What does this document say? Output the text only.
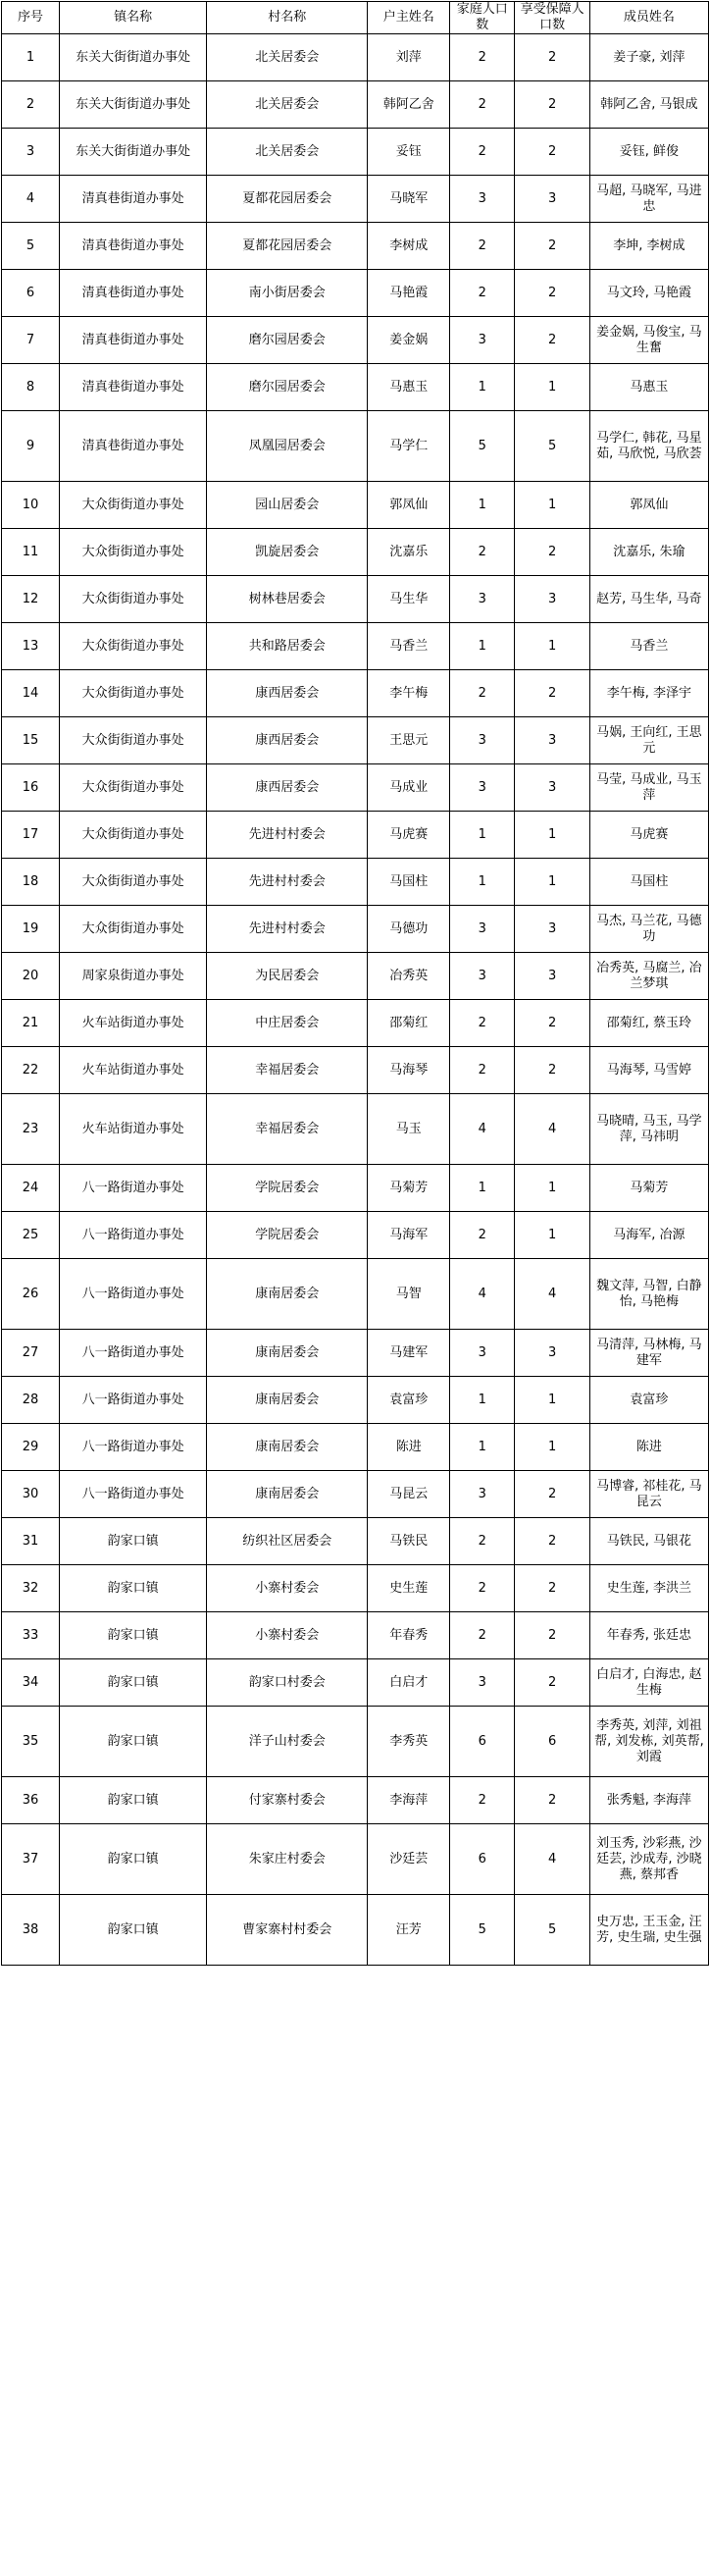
序号	镇名称	村名称	户主姓名	家庭人口数	享受保障人口数	成员姓名
1	东关大街街道办事处	北关居委会	刘萍	2	2	姜子豪, 刘萍
2	东关大街街道办事处	北关居委会	韩阿乙舍	2	2	韩阿乙舍, 马银成
3	东关大街街道办事处	北关居委会	妥钰	2	2	妥钰, 鲜俊
4	清真巷街道办事处	夏都花园居委会	马晓军	3	3	马超, 马晓军, 马进忠
5	清真巷街道办事处	夏都花园居委会	李树成	2	2	李坤, 李树成
6	清真巷街道办事处	南小街居委会	马艳霞	2	2	马文玲, 马艳霞
7	清真巷街道办事处	磨尔园居委会	姜金娲	3	2	姜金娲, 马俊宝, 马生奮
8	清真巷街道办事处	磨尔园居委会	马惠玉	1	1	马惠玉
9	清真巷街道办事处	凤凰园居委会	马学仁	5	5	马学仁, 韩花, 马星茹, 马欣悦, 马欣荟
10	大众街街道办事处	园山居委会	郭凤仙	1	1	郭凤仙
11	大众街街道办事处	凯旋居委会	沈嘉乐	2	2	沈嘉乐, 朱瑜
12	大众街街道办事处	树林巷居委会	马生华	3	3	赵芳, 马生华, 马奇
13	大众街街道办事处	共和路居委会	马香兰	1	1	马香兰
14	大众街街道办事处	康西居委会	李午梅	2	2	李午梅, 李泽宇
15	大众街街道办事处	康西居委会	王思元	3	3	马娲, 王向红, 王思元
16	大众街街道办事处	康西居委会	马成业	3	3	马莹, 马成业, 马玉萍
17	大众街街道办事处	先进村村委会	马虎赛	1	1	马虎赛
18	大众街街道办事处	先进村村委会	马国柱	1	1	马国柱
19	大众街街道办事处	先进村村委会	马德功	3	3	马杰, 马兰花, 马德功
20	周家泉街道办事处	为民居委会	冶秀英	3	3	冶秀英, 马腐兰, 冶兰梦琪
21	火车站街道办事处	中庄居委会	邵菊红	2	2	邵菊红, 蔡玉玲
22	火车站街道办事处	幸福居委会	马海琴	2	2	马海琴, 马雪婷
23	火车站街道办事处	幸福居委会	马玉	4	4	马晓晴, 马玉, 马学萍, 马祎明
24	八一路街道办事处	学院居委会	马菊芳	1	1	马菊芳
25	八一路街道办事处	学院居委会	马海军	2	1	马海军, 冶源
26	八一路街道办事处	康南居委会	马智	4	4	魏文萍, 马智, 白静怡, 马艳梅
27	八一路街道办事处	康南居委会	马建军	3	3	马清萍, 马林梅, 马建军
28	八一路街道办事处	康南居委会	袁富珍	1	1	袁富珍
29	八一路街道办事处	康南居委会	陈进	1	1	陈进
30	八一路街道办事处	康南居委会	马昆云	3	2	马博睿, 祁桂花, 马昆云
31	韵家口镇	纺织社区居委会	马铁民	2	2	马铁民, 马银花
32	韵家口镇	小寨村委会	史生莲	2	2	史生莲, 李洪兰
33	韵家口镇	小寨村委会	年春秀	2	2	年春秀, 张廷忠
34	韵家口镇	韵家口村委会	白启才	3	2	白启才, 白海忠, 赵生梅
35	韵家口镇	洋子山村委会	李秀英	6	6	李秀英, 刘萍, 刘祖帮, 刘发栋, 刘英帮, 刘霞
36	韵家口镇	付家寨村委会	李海萍	2	2	张秀魁, 李海萍
37	韵家口镇	朱家庄村委会	沙廷芸	6	4	刘玉秀, 沙彩燕, 沙廷芸, 沙成寿, 沙晓燕, 蔡邦香
38	韵家口镇	曹家寨村村委会	汪芳	5	5	史万忠, 王玉金, 汪芳, 史生瑞, 史生强
